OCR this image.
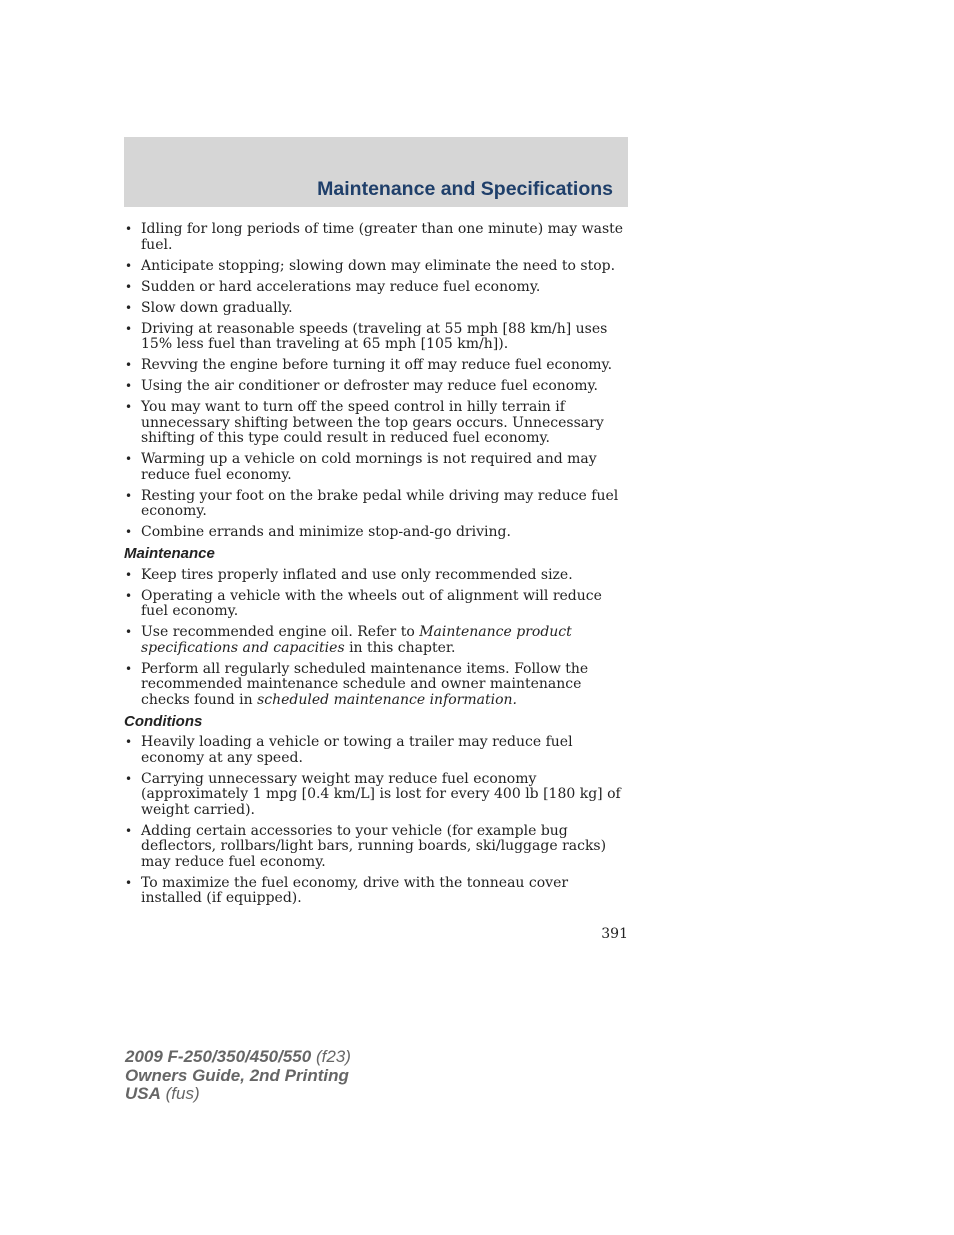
Maintenance and Specifications
• Idling for long periods of time (greater than one minute) may waste fuel.
• Anticipate stopping; slowing down may eliminate the need to stop.
• Sudden or hard accelerations may reduce fuel economy.
• Slow down gradually.
• Driving at reasonable speeds (traveling at 55 mph [88 km/h] uses 15% less fuel than traveling at 65 mph [105 km/h]).
• Revving the engine before turning it off may reduce fuel economy.
• Using the air conditioner or defroster may reduce fuel economy.
• You may want to turn off the speed control in hilly terrain if unnecessary shifting between the top gears occurs. Unnecessary shifting of this type could result in reduced fuel economy.
• Warming up a vehicle on cold mornings is not required and may reduce fuel economy.
• Resting your foot on the brake pedal while driving may reduce fuel economy.
• Combine errands and minimize stop-and-go driving.
Maintenance
• Keep tires properly inflated and use only recommended size.
• Operating a vehicle with the wheels out of alignment will reduce fuel economy.
• Use recommended engine oil. Refer to Maintenance product specifications and capacities in this chapter.
• Perform all regularly scheduled maintenance items. Follow the recommended maintenance schedule and owner maintenance checks found in scheduled maintenance information.
Conditions
• Heavily loading a vehicle or towing a trailer may reduce fuel economy at any speed.
• Carrying unnecessary weight may reduce fuel economy (approximately 1 mpg [0.4 km/L] is lost for every 400 lb [180 kg] of weight carried).
• Adding certain accessories to your vehicle (for example bug deflectors, rollbars/light bars, running boards, ski/luggage racks) may reduce fuel economy.
• To maximize the fuel economy, drive with the tonneau cover installed (if equipped).
391
2009 F-250/350/450/550 (f23)
Owners Guide, 2nd Printing
USA (fus)
